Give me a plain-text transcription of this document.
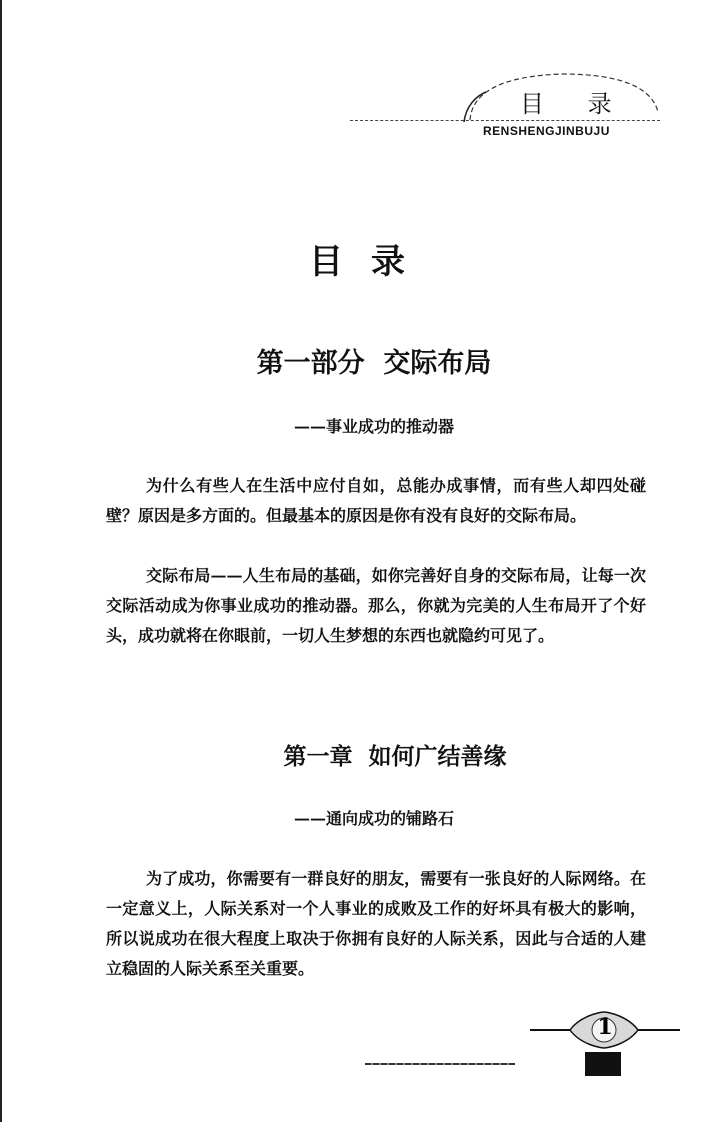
目 录
RENSHENGJINBUJU
目录
第一部分  交际布局
——事业成功的推动器

为什么有些人在生活中应付自如，总能办成事情，而有些人却四处碰壁？原因是多方面的。但最基本的原因是你有没有良好的交际布局。

交际布局——人生布局的基础，如你完善好自身的交际布局，让每一次交际活动成为你事业成功的推动器。那么，你就为完美的人生布局开了个好头，成功就将在你眼前，一切人生梦想的东西也就隐约可见了。

第一章  如何广结善缘
——通向成功的铺路石

为了成功，你需要有一群良好的朋友，需要有一张良好的人际网络。在一定意义上，人际关系对一个人事业的成败及工作的好坏具有极大的影响，所以说成功在很大程度上取决于你拥有良好的人际关系，因此与合适的人建立稳固的人际关系至关重要。

1
